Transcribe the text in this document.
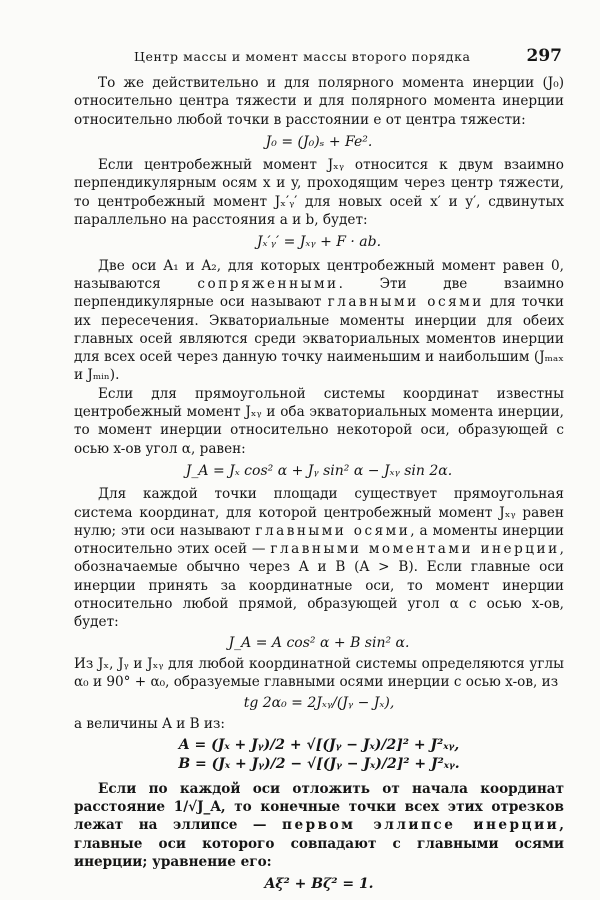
Центр массы и момент массы второго порядка	297

То же действительно и для полярного момента инерции (J₀) относительно центра тяжести и для полярного момента инерции относительно любой точки в расстоянии e от центра тяжести:

J₀ = (J₀)ₛ + Fe².

Если центробежный момент Jₓᵧ относится к двум взаимно перпендикулярным осям x и y, проходящим через центр тяжести, то центробежный момент Jₓ′ᵧ′ для новых осей x′ и y′, сдвинутых параллельно на расстояния a и b, будет:

Jₓ′ᵧ′ = Jₓᵧ + F · ab.

Две оси A₁ и A₂, для которых центробежный момент равен 0, называются сопряженными. Эти две взаимно перпендикулярные оси называют главными осями для точки их пересечения. Экваториальные моменты инерции для обеих главных осей являются среди экваториальных моментов инерции для всех осей через данную точку наименьшим и наибольшим (Jₘₐₓ и Jₘᵢₙ).

Если для прямоугольной системы координат известны центробежный момент Jₓᵧ и оба экваториальных момента инерции, то момент инерции относительно некоторой оси, образующей с осью x-ов угол α, равен:

J_A = Jₓ cos² α + Jᵧ sin² α − Jₓᵧ sin 2α.

Для каждой точки площади существует прямоугольная система координат, для которой центробежный момент Jₓᵧ равен нулю; эти оси называют главными осями, а моменты инерции относительно этих осей — главными моментами инерции, обозначаемые обычно через A и B (A > B). Если главные оси инерции принять за координатные оси, то момент инерции относительно любой прямой, образующей угол α с осью x-ов, будет:

J_A = A cos² α + B sin² α.

Из Jₓ, Jᵧ и Jₓᵧ для любой координатной системы определяются углы α₀ и 90° + α₀, образуемые главными осями инерции с осью x-ов, из

tg 2α₀ = 2Jₓᵧ/(Jᵧ − Jₓ),

а величины A и B из:

A = (Jₓ + Jᵧ)/2 + √[(Jᵧ − Jₓ)/2]² + J²ₓᵧ,
B = (Jₓ + Jᵧ)/2 − √[(Jᵧ − Jₓ)/2]² + J²ₓᵧ.

Если по каждой оси отложить от начала координат расстояние 1/√J_A, то конечные точки всех этих отрезков лежат на эллипсе — первом эллипсе инерции, главные оси которого совпадают с главными осями инерции; уравнение его:

Aξ² + Bζ² = 1.
